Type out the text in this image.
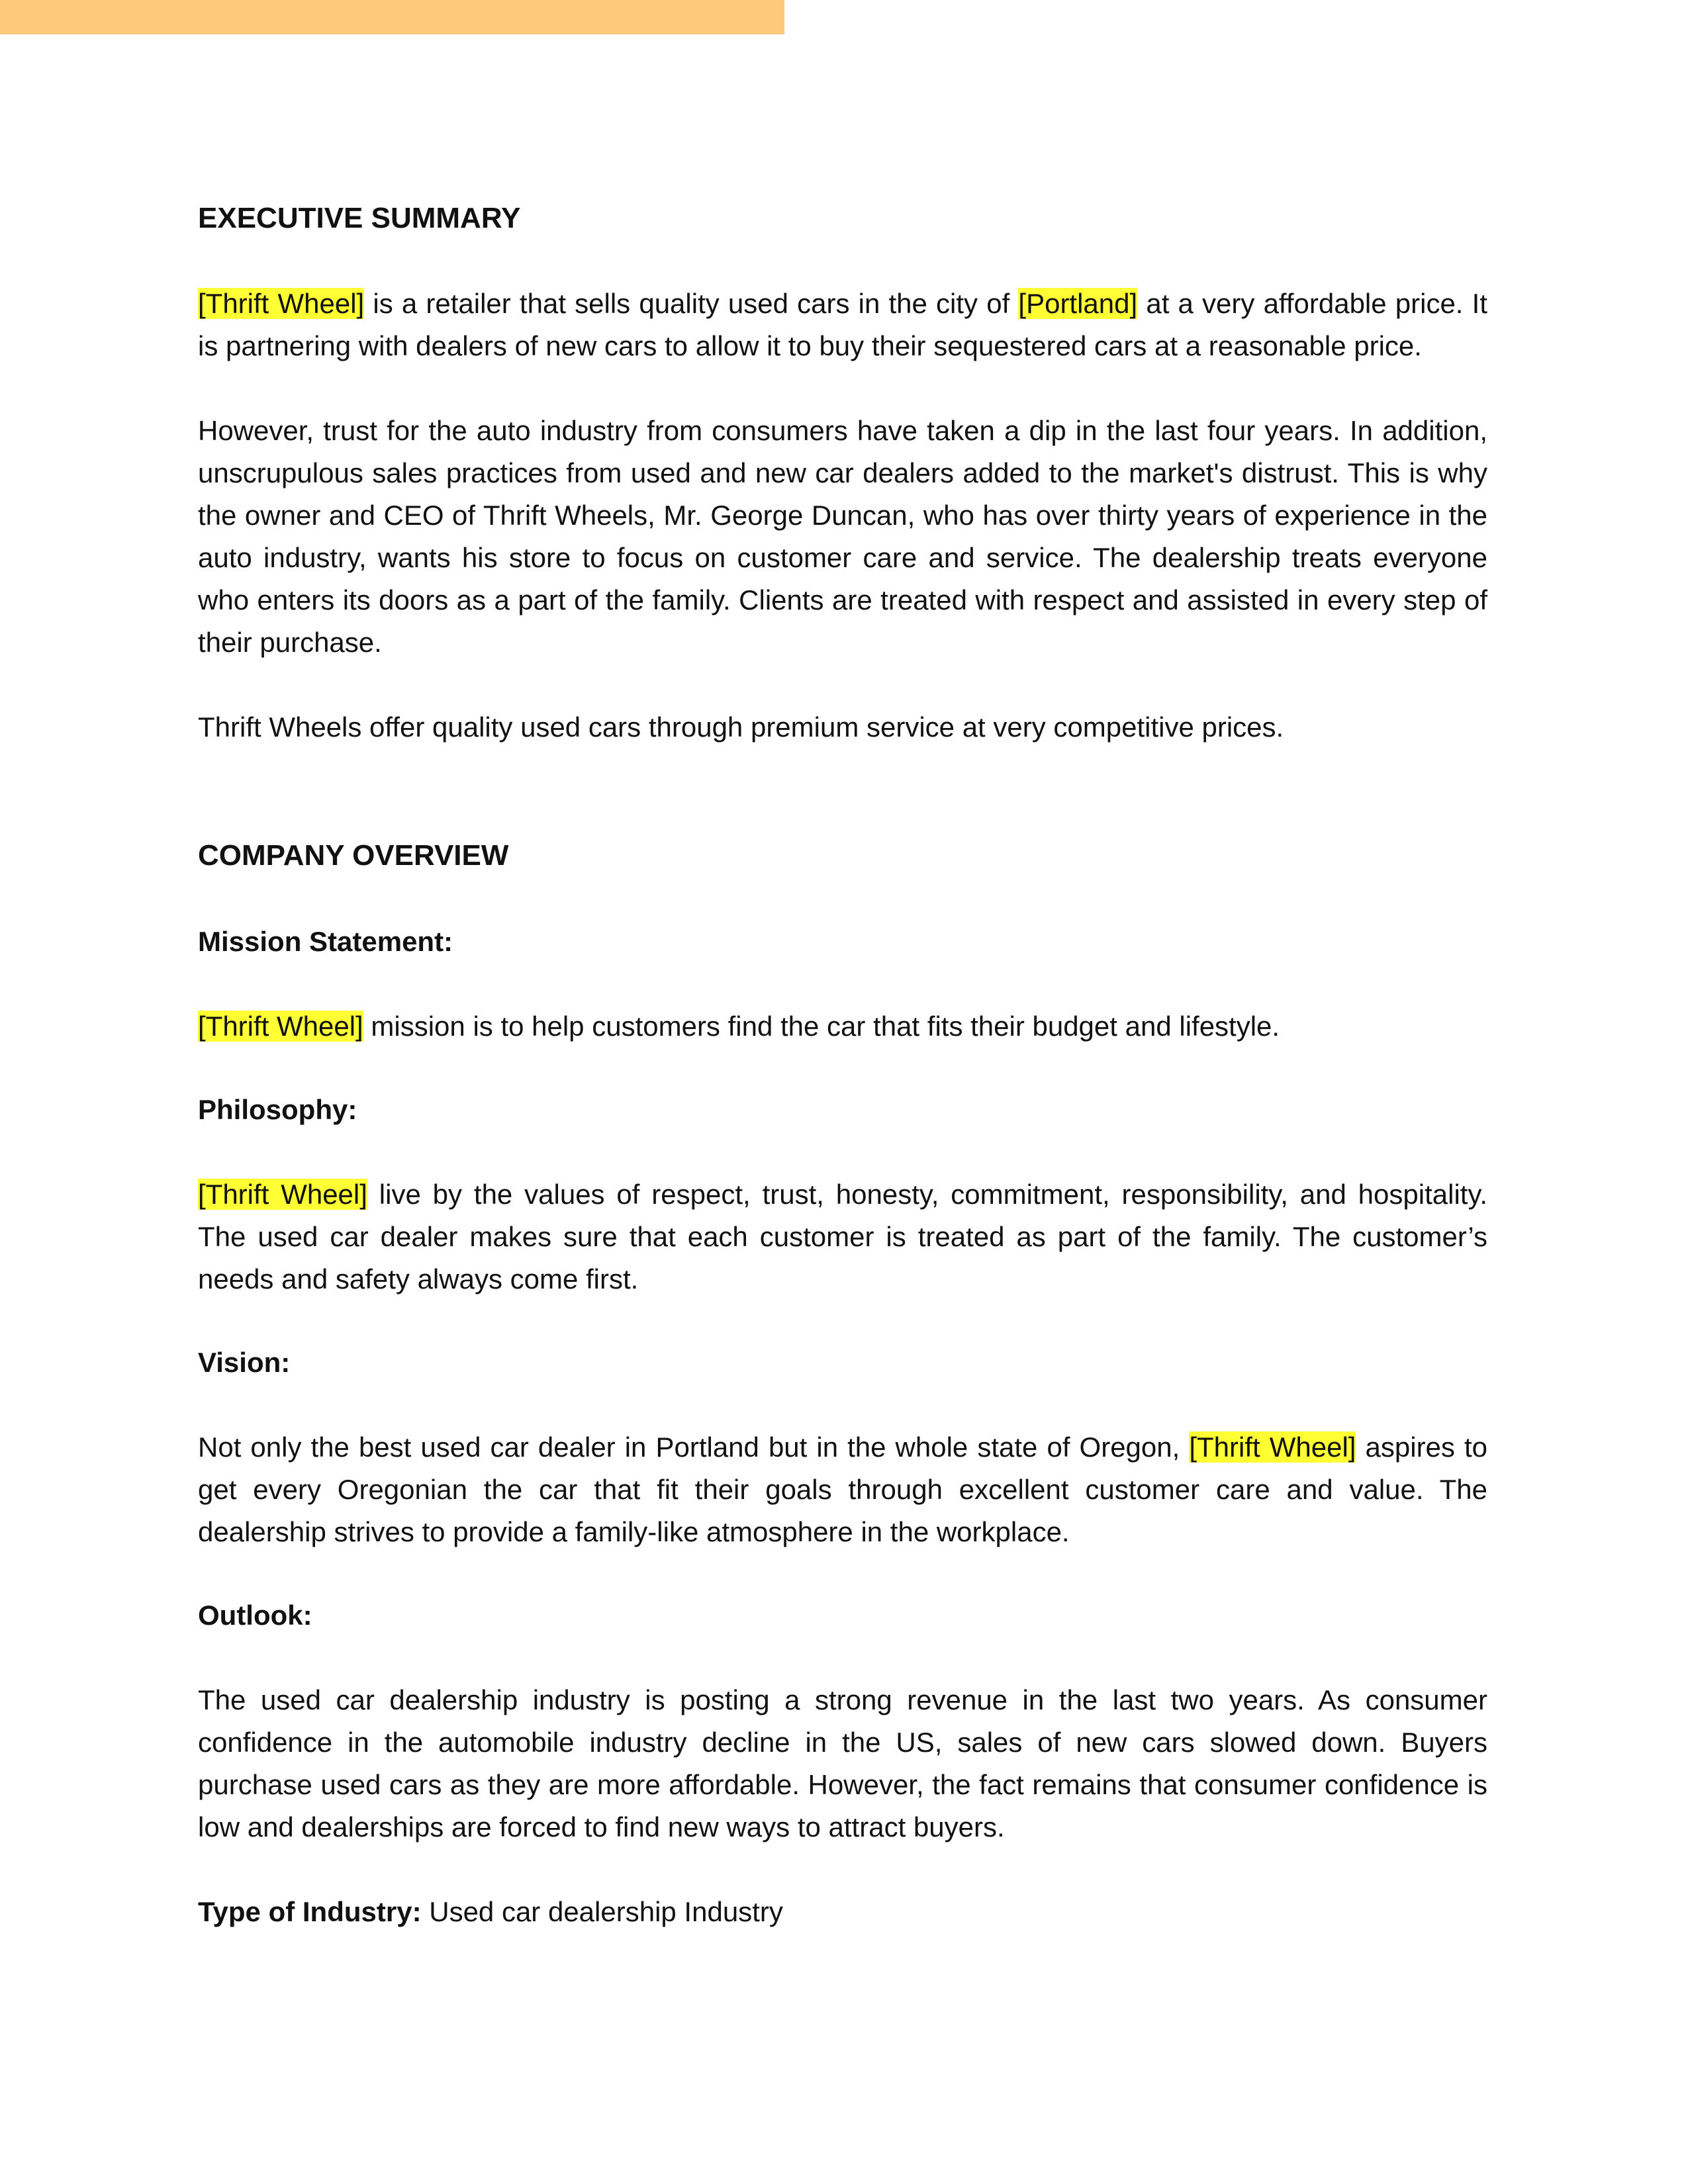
EXECUTIVE SUMMARY

[Thrift Wheel] is a retailer that sells quality used cars in the city of [Portland] at a very affordable price. It is partnering with dealers of new cars to allow it to buy their sequestered cars at a reasonable price.

However, trust for the auto industry from consumers have taken a dip in the last four years. In addition, unscrupulous sales practices from used and new car dealers added to the market's distrust. This is why the owner and CEO of Thrift Wheels, Mr. George Duncan, who has over thirty years of experience in the auto industry, wants his store to focus on customer care and service. The dealership treats everyone who enters its doors as a part of the family. Clients are treated with respect and assisted in every step of their purchase.

Thrift Wheels offer quality used cars through premium service at very competitive prices.

COMPANY OVERVIEW

Mission Statement:

[Thrift Wheel] mission is to help customers find the car that fits their budget and lifestyle.

Philosophy:

[Thrift Wheel] live by the values of respect, trust, honesty, commitment, responsibility, and hospitality. The used car dealer makes sure that each customer is treated as part of the family. The customer’s needs and safety always come first.

Vision:

Not only the best used car dealer in Portland but in the whole state of Oregon, [Thrift Wheel] aspires to get every Oregonian the car that fit their goals through excellent customer care and value. The dealership strives to provide a family-like atmosphere in the workplace.

Outlook:

The used car dealership industry is posting a strong revenue in the last two years. As consumer confidence in the automobile industry decline in the US, sales of new cars slowed down. Buyers purchase used cars as they are more affordable. However, the fact remains that consumer confidence is low and dealerships are forced to find new ways to attract buyers.

Type of Industry: Used car dealership Industry
